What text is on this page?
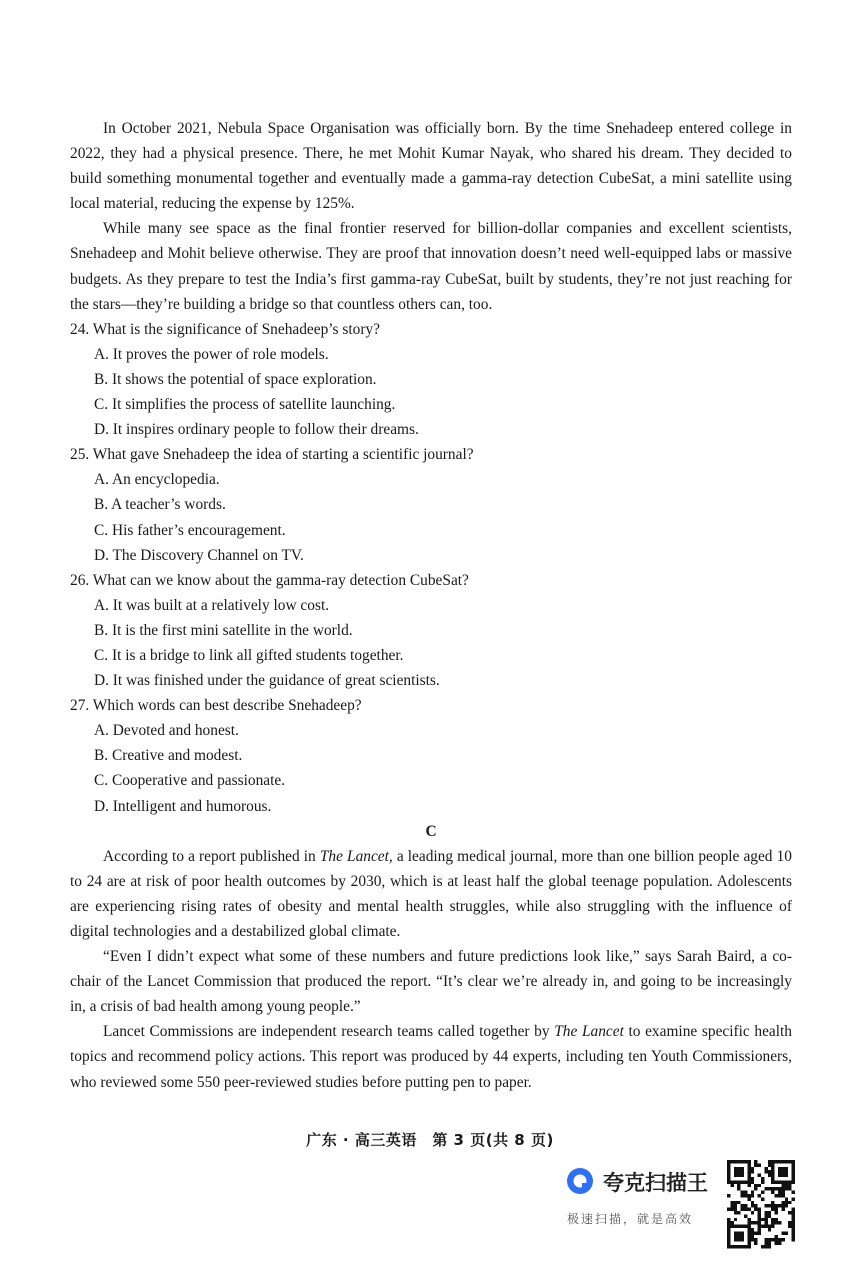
In October 2021, Nebula Space Organisation was officially born. By the time Snehadeep entered college in 2022, they had a physical presence. There, he met Mohit Kumar Nayak, who shared his dream. They decided to build something monumental together and eventually made a gamma-ray detection CubeSat, a mini satellite using local material, reducing the expense by 125%.

While many see space as the final frontier reserved for billion-dollar companies and excellent scientists, Snehadeep and Mohit believe otherwise. They are proof that innovation doesn’t need well-equipped labs or massive budgets. As they prepare to test the India’s first gamma-ray CubeSat, built by students, they’re not just reaching for the stars—they’re building a bridge so that countless others can, too.

24. What is the significance of Snehadeep’s story?

A. It proves the power of role models.

B. It shows the potential of space exploration.

C. It simplifies the process of satellite launching.

D. It inspires ordinary people to follow their dreams.

25. What gave Snehadeep the idea of starting a scientific journal?

A. An encyclopedia.

B. A teacher’s words.

C. His father’s encouragement.

D. The Discovery Channel on TV.

26. What can we know about the gamma-ray detection CubeSat?

A. It was built at a relatively low cost.

B. It is the first mini satellite in the world.

C. It is a bridge to link all gifted students together.

D. It was finished under the guidance of great scientists.

27. Which words can best describe Snehadeep?

A. Devoted and honest.

B. Creative and modest.

C. Cooperative and passionate.

D. Intelligent and humorous.

C

According to a report published in The Lancet, a leading medical journal, more than one billion people aged 10 to 24 are at risk of poor health outcomes by 2030, which is at least half the global teenage population. Adolescents are experiencing rising rates of obesity and mental health struggles, while also struggling with the influence of digital technologies and a destabilized global climate.

“Even I didn’t expect what some of these numbers and future predictions look like,” says Sarah Baird, a co-chair of the Lancet Commission that produced the report. “It’s clear we’re already in, and going to be increasingly in, a crisis of bad health among young people.”

Lancet Commissions are independent research teams called together by The Lancet to examine specific health topics and recommend policy actions. This report was produced by 44 experts, including ten Youth Commissioners, who reviewed some 550 peer-reviewed studies before putting pen to paper.

广东 · 高三英语　第 3 页(共 8 页)
夸克扫描王
极速扫描，就是高效
